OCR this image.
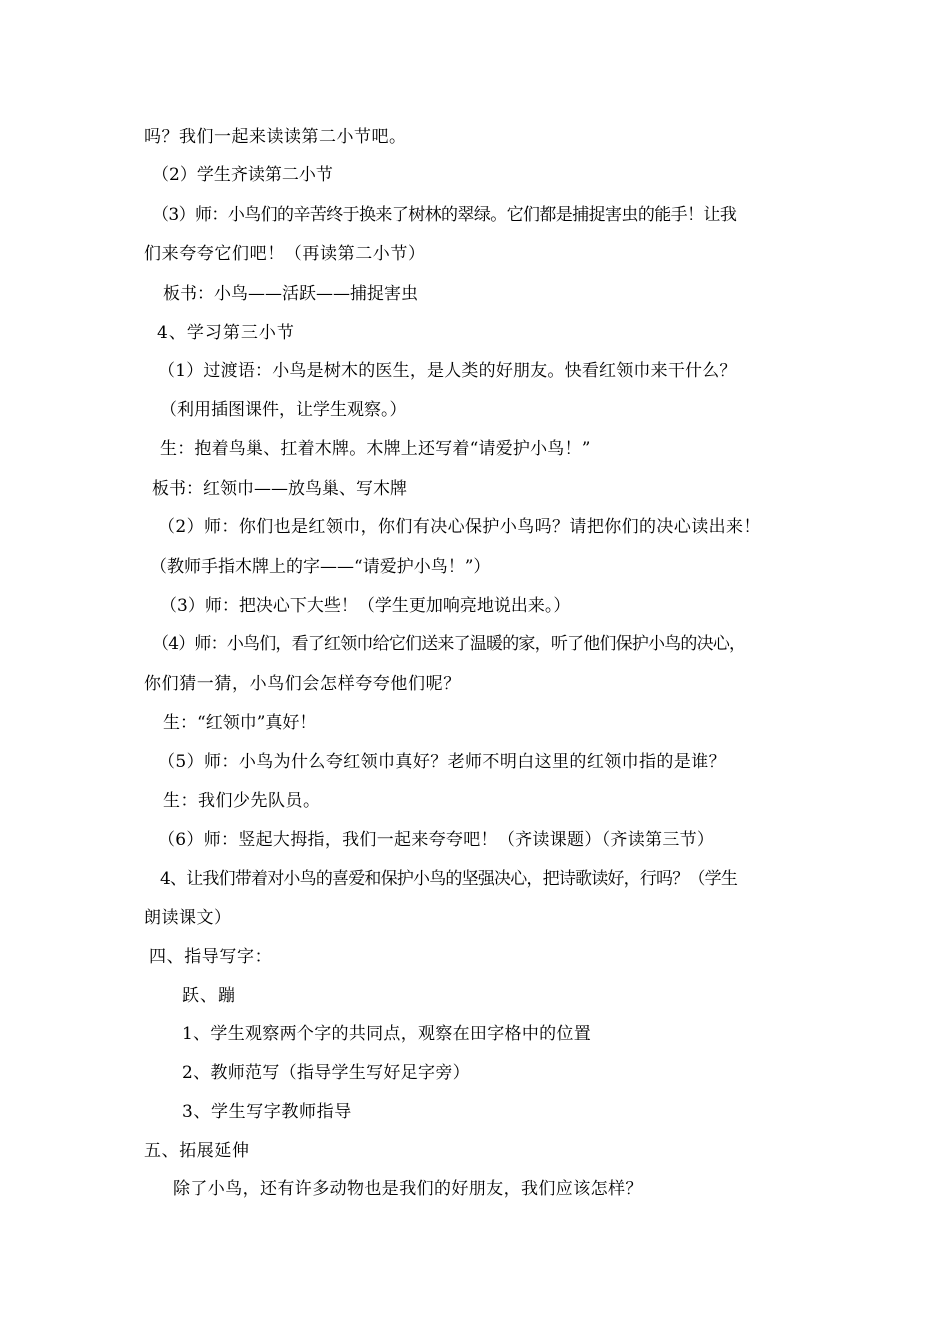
吗？我们一起来读读第二小节吧。
（2）学生齐读第二小节
（3）师：小鸟们的辛苦终于换来了树林的翠绿。它们都是捕捉害虫的能手！让我
们来夸夸它们吧！（再读第二小节）
板书：小鸟——活跃——捕捉害虫
4、学习第三小节
（1）过渡语：小鸟是树木的医生，是人类的好朋友。快看红领巾来干什么？
（利用插图课件，让学生观察。）
生：抱着鸟巢、扛着木牌。木牌上还写着“请爱护小鸟！”
板书：红领巾——放鸟巢、写木牌
（2）师：你们也是红领巾，你们有决心保护小鸟吗？请把你们的决心读出来！
（教师手指木牌上的字——“请爱护小鸟！”）
（3）师：把决心下大些！（学生更加响亮地说出来。）
（4）师：小鸟们，看了红领巾给它们送来了温暖的家，听了他们保护小鸟的决心，
你们猜一猜，小鸟们会怎样夸夸他们呢？
生：“红领巾”真好！
（5）师：小鸟为什么夸红领巾真好？老师不明白这里的红领巾指的是谁？
生：我们少先队员。
（6）师：竖起大拇指，我们一起来夸夸吧！（齐读课题）（齐读第三节）
4、让我们带着对小鸟的喜爱和保护小鸟的坚强决心，把诗歌读好，行吗？（学生
朗读课文）
四、指导写字：
跃、蹦
1、学生观察两个字的共同点，观察在田字格中的位置
2、教师范写（指导学生写好足字旁）
3、学生写字教师指导
五、拓展延伸
除了小鸟，还有许多动物也是我们的好朋友，我们应该怎样？
